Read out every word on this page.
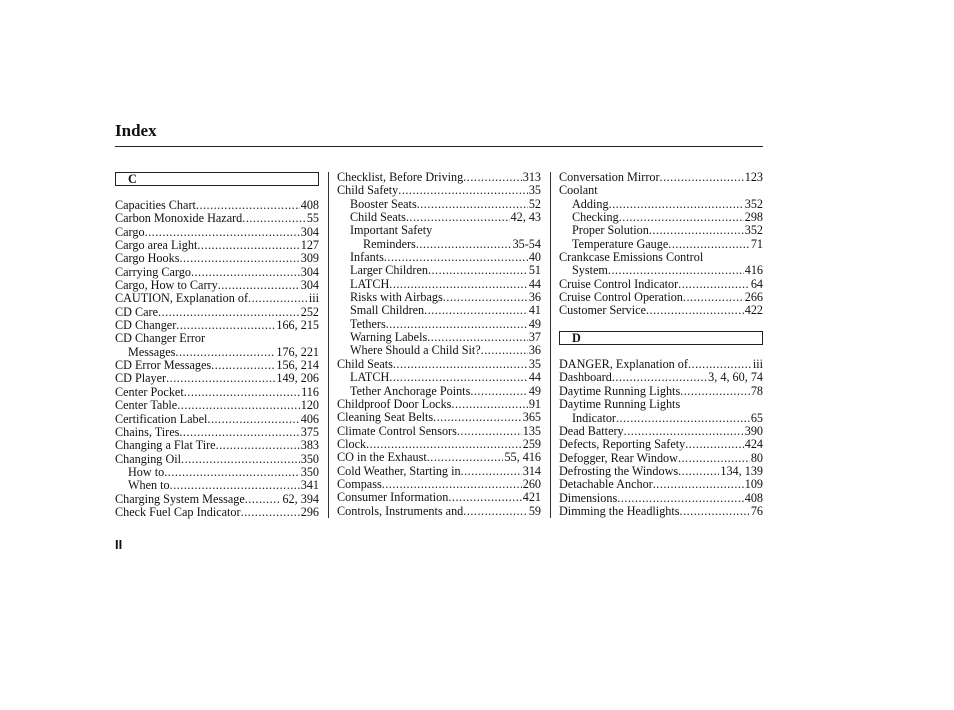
Index
C
Capacities Chart .....	408
Carbon Monoxide Hazard .....	55
Cargo .....	304
Cargo area Light .....	127
Cargo Hooks .....	309
Carrying Cargo .....	304
Cargo, How to Carry .....	304
CAUTION, Explanation of .....	iii
CD Care .....	252
CD Changer .....	166, 215
CD Changer Error
Messages .....	176, 221
CD Error Messages .....	156, 214
CD Player .....	149, 206
Center Pocket .....	116
Center Table .....	120
Certification Label .....	406
Chains, Tires .....	375
Changing a Flat Tire .....	383
Changing Oil .....	350
How to .....	350
When to .....	341
Charging System Message .....	62, 394
Check Fuel Cap Indicator .....	296
Checklist, Before Driving .....	313
Child Safety .....	35
Booster Seats .....	52
Child Seats .....	42, 43
Important Safety
Reminders .....	35-54
Infants .....	40
Larger Children .....	51
LATCH .....	44
Risks with Airbags .....	36
Small Children .....	41
Tethers .....	49
Warning Labels .....	37
Where Should a Child Sit? .....	36
Child Seats .....	35
LATCH .....	44
Tether Anchorage Points .....	49
Childproof Door Locks .....	91
Cleaning Seat Belts .....	365
Climate Control Sensors .....	135
Clock .....	259
CO in the Exhaust .....	55, 416
Cold Weather, Starting in .....	314
Compass .....	260
Consumer Information .....	421
Controls, Instruments and .....	59
Conversation Mirror .....	123
Coolant
Adding .....	352
Checking .....	298
Proper Solution .....	352
Temperature Gauge .....	71
Crankcase Emissions Control
System .....	416
Cruise Control Indicator .....	64
Cruise Control Operation .....	266
Customer Service .....	422
D
DANGER, Explanation of .....	iii
Dashboard .....	3, 4, 60, 74
Daytime Running Lights .....	78
Daytime Running Lights
Indicator .....	65
Dead Battery .....	390
Defects, Reporting Safety .....	424
Defogger, Rear Window .....	80
Defrosting the Windows .....	134, 139
Detachable Anchor .....	109
Dimensions .....	408
Dimming the Headlights .....	76
II
